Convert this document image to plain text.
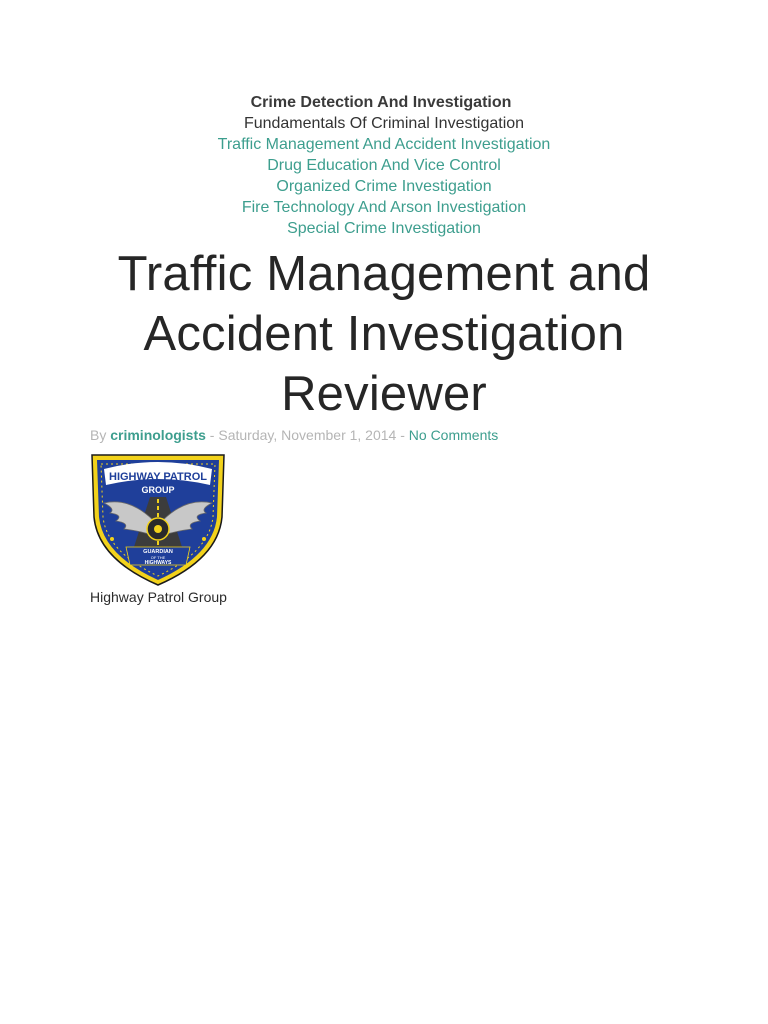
Crime Detection And Investigation
Fundamentals Of Criminal Investigation
Traffic Management And Accident Investigation
Drug Education And Vice Control
Organized Crime Investigation
Fire Technology And Arson Investigation
Special Crime Investigation
Traffic Management and
Accident Investigation
Reviewer
By criminologists - Saturday, November 1, 2014 - No Comments
HIGHWAY PATROL
GROUP
GUARDIAN
OF THE
HIGHWAYS
Highway Patrol Group
